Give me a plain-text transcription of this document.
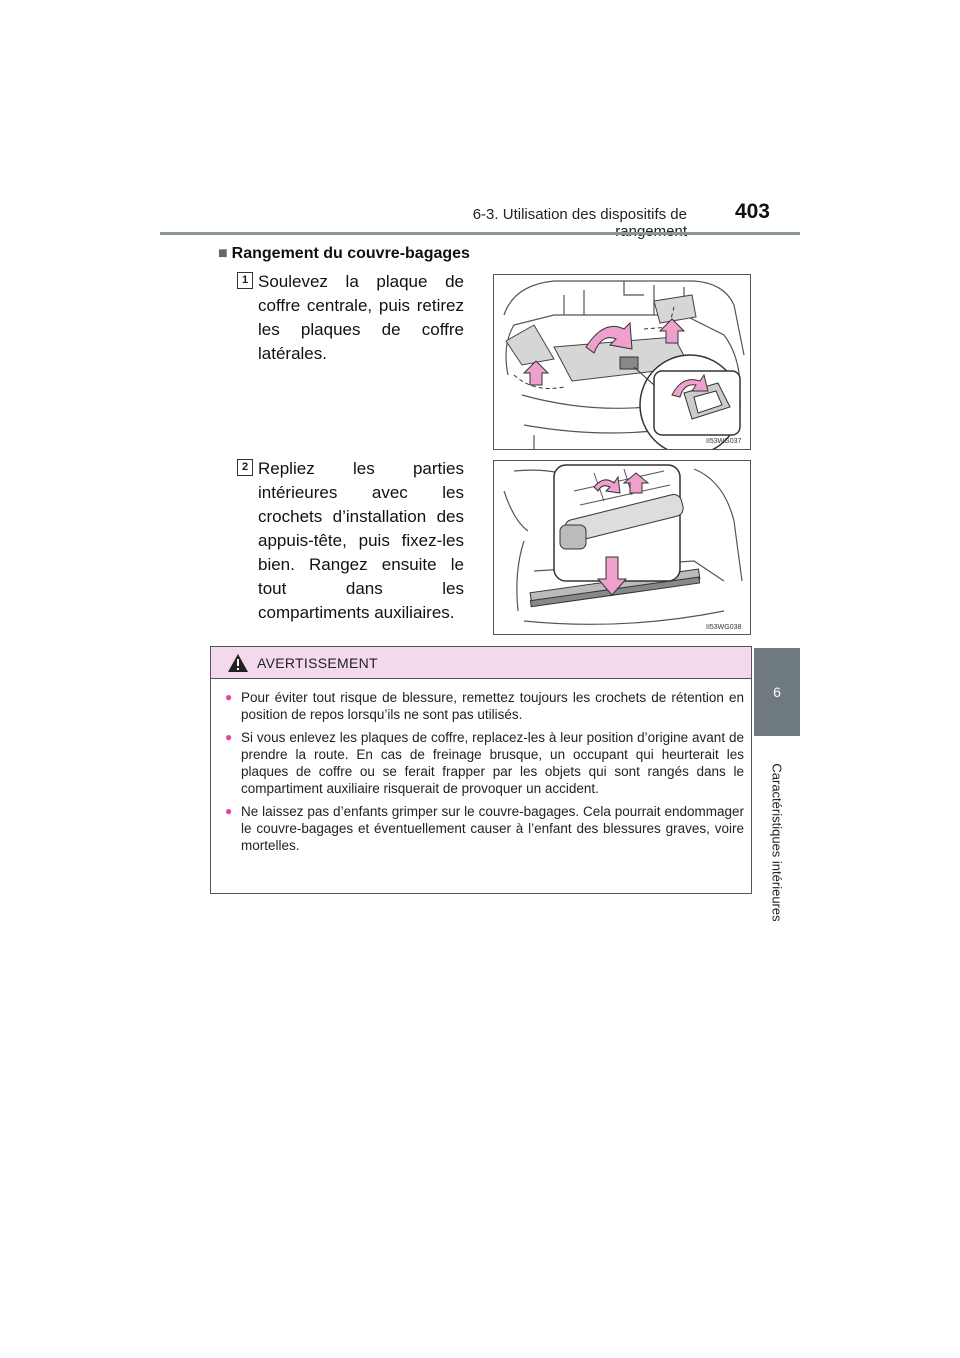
6-3. Utilisation des dispositifs de	403
6
Caractéristiques intérieures
■ Rangement du couvre-bagages
1 Soulevez la plaque de coffre centrale, puis retirez les plaques de coffre latérales.
II53WG037
2 Repliez les parties intérieures avec les crochets d’installation des appuis-tête, puis fixez-les bien. Rangez ensuite le tout dans les compartiments auxiliaires.
II53WG038
AVERTISSEMENT
● Pour éviter tout risque de blessure, remettez toujours les crochets de rétention en position de repos lorsqu’ils ne sont pas utilisés.
● Si vous enlevez les plaques de coffre, replacez-les à leur position d’origine avant de prendre la route. En cas de freinage brusque, un occupant qui heurterait les plaques de coffre ou se ferait frapper par les objets qui sont rangés dans le compartiment auxiliaire risquerait de provoquer un accident.
● Ne laissez pas d’enfants grimper sur le couvre-bagages. Cela pourrait endommager le couvre-bagages et éventuellement causer à l’enfant des blessures graves, voire mortelles.
